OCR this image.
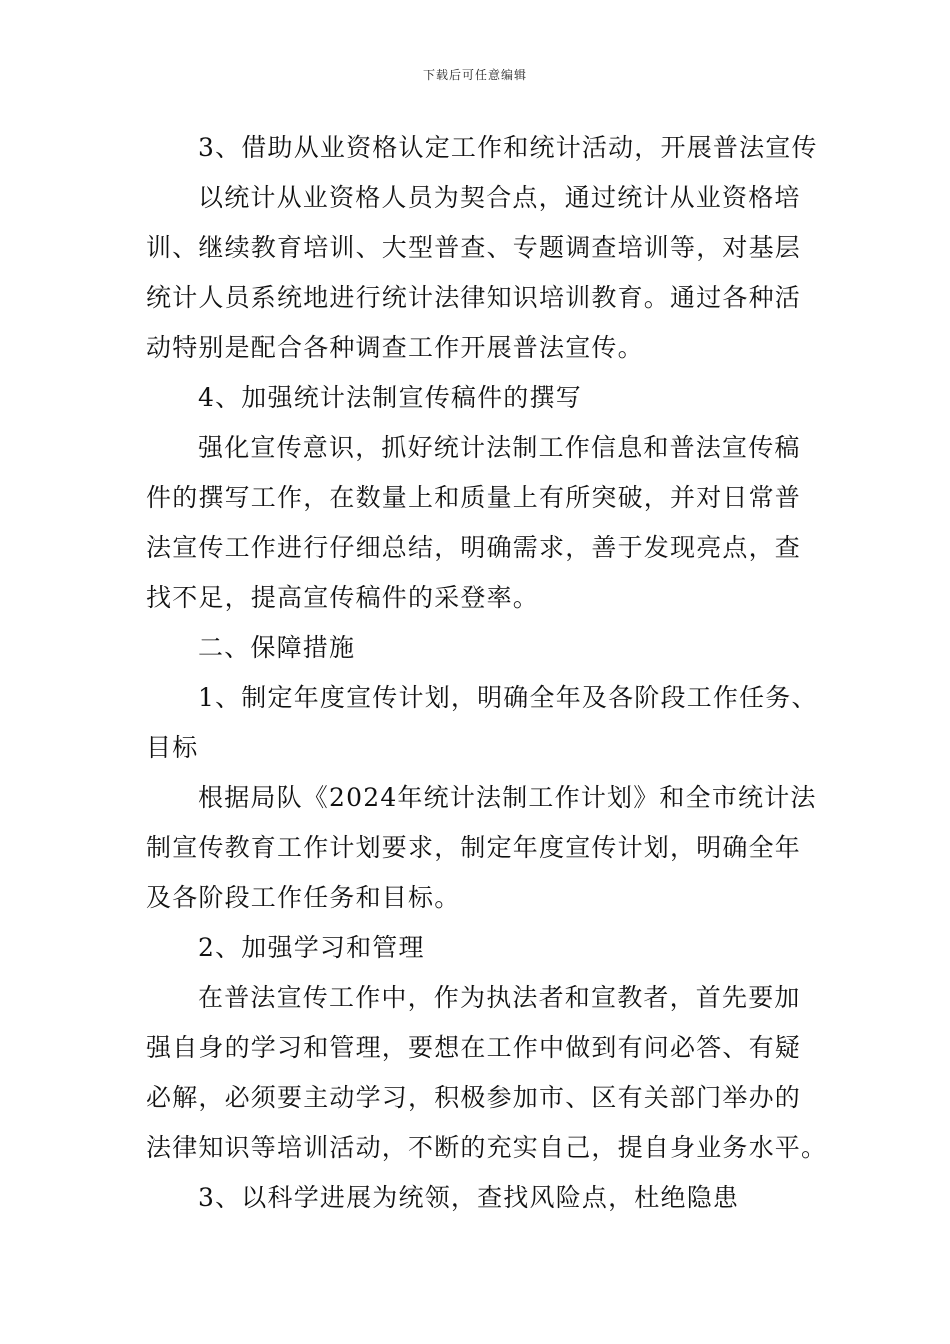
下载后可任意编辑
3、借助从业资格认定工作和统计活动，开展普法宣传
以统计从业资格人员为契合点，通过统计从业资格培
训、继续教育培训、大型普查、专题调查培训等，对基层
统计人员系统地进行统计法律知识培训教育。通过各种活
动特别是配合各种调查工作开展普法宣传。
4、加强统计法制宣传稿件的撰写
强化宣传意识，抓好统计法制工作信息和普法宣传稿
件的撰写工作，在数量上和质量上有所突破，并对日常普
法宣传工作进行仔细总结，明确需求，善于发现亮点，查
找不足，提高宣传稿件的采登率。
二、保障措施
1、制定年度宣传计划，明确全年及各阶段工作任务、
目标
根据局队《2024年统计法制工作计划》和全市统计法
制宣传教育工作计划要求，制定年度宣传计划，明确全年
及各阶段工作任务和目标。
2、加强学习和管理
在普法宣传工作中，作为执法者和宣教者，首先要加
强自身的学习和管理，要想在工作中做到有问必答、有疑
必解，必须要主动学习，积极参加市、区有关部门举办的
法律知识等培训活动，不断的充实自己，提自身业务水平。
3、以科学进展为统领，查找风险点，杜绝隐患
